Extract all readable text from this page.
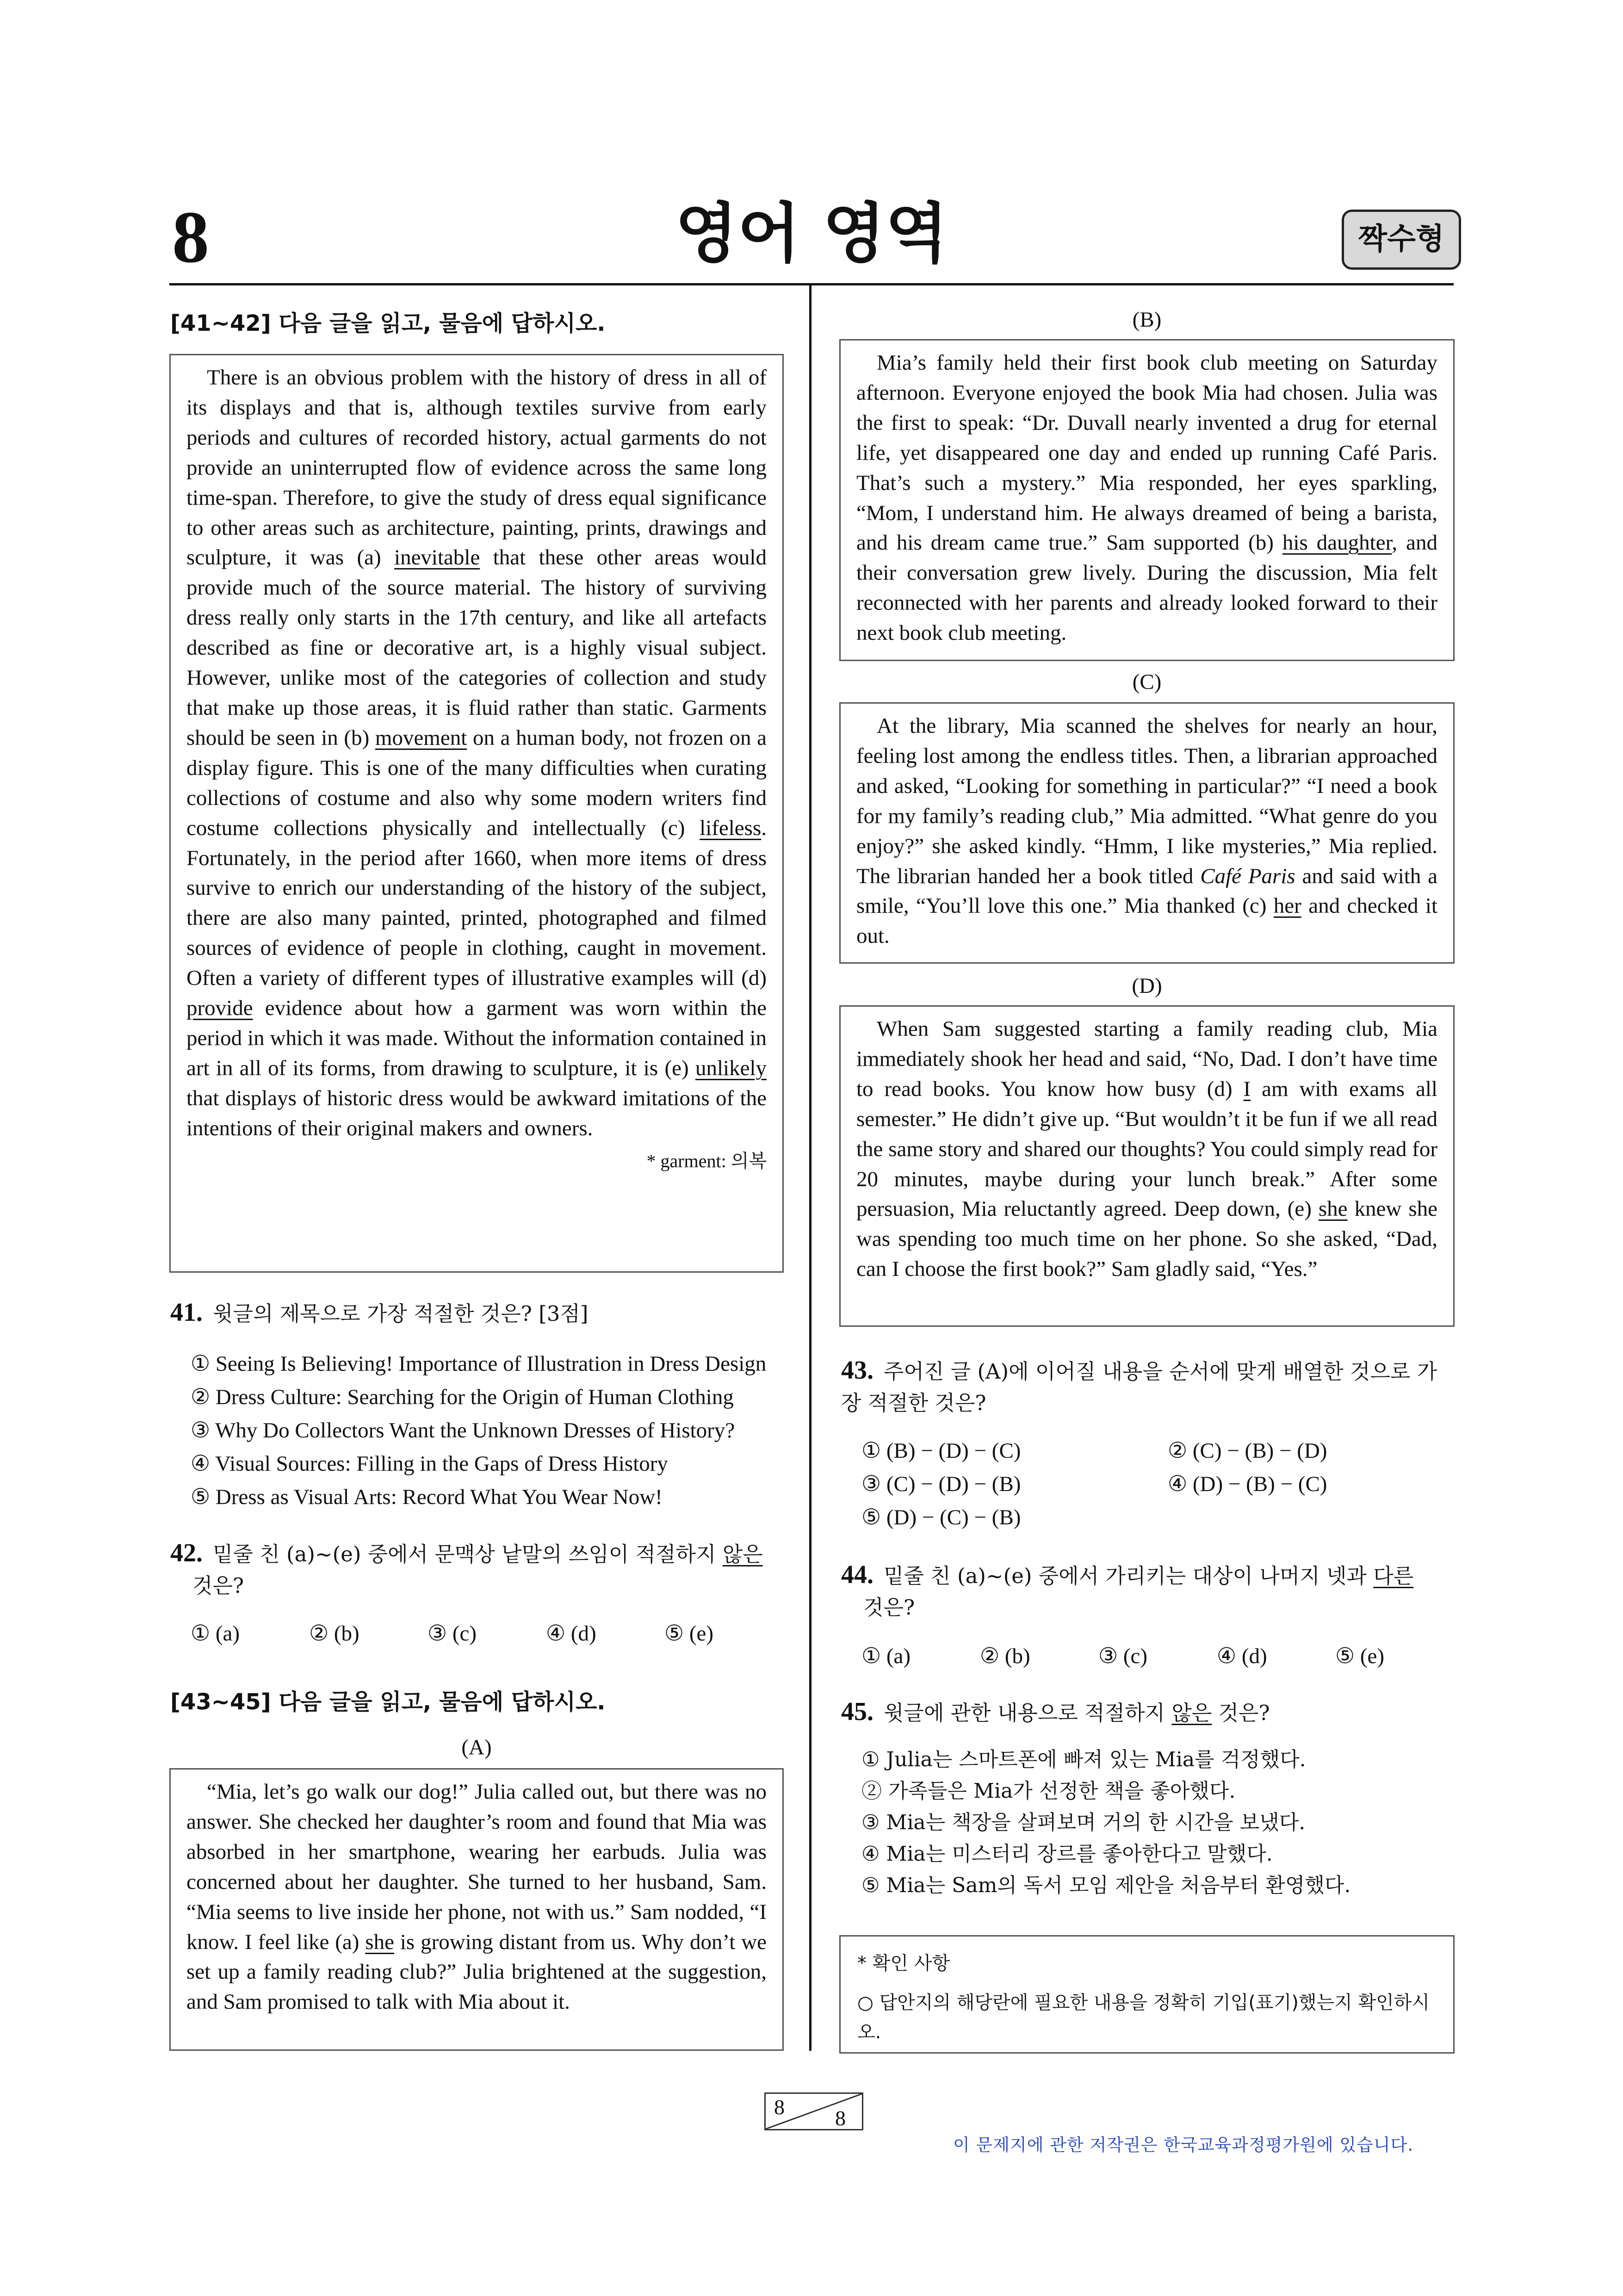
8	영어 영역	짝수형
[41~42] 다음 글을 읽고, 물음에 답하시오.

There is an obvious problem with the history of dress in all of its displays and that is, although textiles survive from early periods and cultures of recorded history, actual garments do not provide an uninterrupted flow of evidence across the same long time-span. Therefore, to give the study of dress equal significance to other areas such as architecture, painting, prints, drawings and sculpture, it was (a) inevitable that these other areas would provide much of the source material. The history of surviving dress really only starts in the 17th century, and like all artefacts described as fine or decorative art, is a highly visual subject. However, unlike most of the categories of collection and study that make up those areas, it is fluid rather than static. Garments should be seen in (b) movement on a human body, not frozen on a display figure. This is one of the many difficulties when curating collections of costume and also why some modern writers find costume collections physically and intellectually (c) lifeless. Fortunately, in the period after 1660, when more items of dress survive to enrich our understanding of the history of the subject, there are also many painted, printed, photographed and filmed sources of evidence of people in clothing, caught in movement. Often a variety of different types of illustrative examples will (d) provide evidence about how a garment was worn within the period in which it was made. Without the information contained in art in all of its forms, from drawing to sculpture, it is (e) unlikely that displays of historic dress would be awkward imitations of the intentions of their original makers and owners.

* garment: 의복
41. 윗글의 제목으로 가장 적절한 것은? [3점]
① Seeing Is Believing! Importance of Illustration in Dress Design
② Dress Culture: Searching for the Origin of Human Clothing
③ Why Do Collectors Want the Unknown Dresses of History?
④ Visual Sources: Filling in the Gaps of Dress History
⑤ Dress as Visual Arts: Record What You Wear Now!
42. 밑줄 친 (a)~(e) 중에서 문맥상 낱말의 쓰임이 적절하지 않은
것은?
① (a)	② (b)	③ (c)	④ (d)	⑤ (e)
[43~45] 다음 글을 읽고, 물음에 답하시오.
(A)

“Mia, let’s go walk our dog!” Julia called out, but there was no answer. She checked her daughter’s room and found that Mia was absorbed in her smartphone, wearing her earbuds. Julia was concerned about her daughter. She turned to her husband, Sam. “Mia seems to live inside her phone, not with us.” Sam nodded, “I know. I feel like (a) she is growing distant from us. Why don’t we set up a family reading club?” Julia brightened at the suggestion, and Sam promised to talk with Mia about it.

(B)

Mia’s family held their first book club meeting on Saturday afternoon. Everyone enjoyed the book Mia had chosen. Julia was the first to speak: “Dr. Duvall nearly invented a drug for eternal life, yet disappeared one day and ended up running Café Paris. That’s such a mystery.” Mia responded, her eyes sparkling, “Mom, I understand him. He always dreamed of being a barista, and his dream came true.” Sam supported (b) his daughter, and their conversation grew lively. During the discussion, Mia felt reconnected with her parents and already looked forward to their next book club meeting.

(C)

At the library, Mia scanned the shelves for nearly an hour, feeling lost among the endless titles. Then, a librarian approached and asked, “Looking for something in particular?” “I need a book for my family’s reading club,” Mia admitted. “What genre do you enjoy?” she asked kindly. “Hmm, I like mysteries,” Mia replied. The librarian handed her a book titled Café Paris and said with a smile, “You’ll love this one.” Mia thanked (c) her and checked it out.

(D)

When Sam suggested starting a family reading club, Mia immediately shook her head and said, “No, Dad. I don’t have time to read books. You know how busy (d) I am with exams all semester.” He didn’t give up. “But wouldn’t it be fun if we all read the same story and shared our thoughts? You could simply read for 20 minutes, maybe during your lunch break.” After some persuasion, Mia reluctantly agreed. Deep down, (e) she knew she was spending too much time on her phone. So she asked, “Dad, can I choose the first book?” Sam gladly said, “Yes.”

43. 주어진 글 (A)에 이어질 내용을 순서에 맞게 배열한 것으로 가장 적절한 것은?
① (B) − (D) − (C)	② (C) − (B) − (D)
③ (C) − (D) − (B)	④ (D) − (B) − (C)
⑤ (D) − (C) − (B)
44. 밑줄 친 (a)~(e) 중에서 가리키는 대상이 나머지 넷과 다른
것은?
① (a)	② (b)	③ (c)	④ (d)	⑤ (e)
45. 윗글에 관한 내용으로 적절하지 않은 것은?
① Julia는 스마트폰에 빠져 있는 Mia를 걱정했다.
② 가족들은 Mia가 선정한 책을 좋아했다.
③ Mia는 책장을 살펴보며 거의 한 시간을 보냈다.
④ Mia는 미스터리 장르를 좋아한다고 말했다.
⑤ Mia는 Sam의 독서 모임 제안을 처음부터 환영했다.
* 확인 사항
○ 답안지의 해당란에 필요한 내용을 정확히 기입(표기)했는지 확인하시오.
8 8
이 문제지에 관한 저작권은 한국교육과정평가원에 있습니다.
